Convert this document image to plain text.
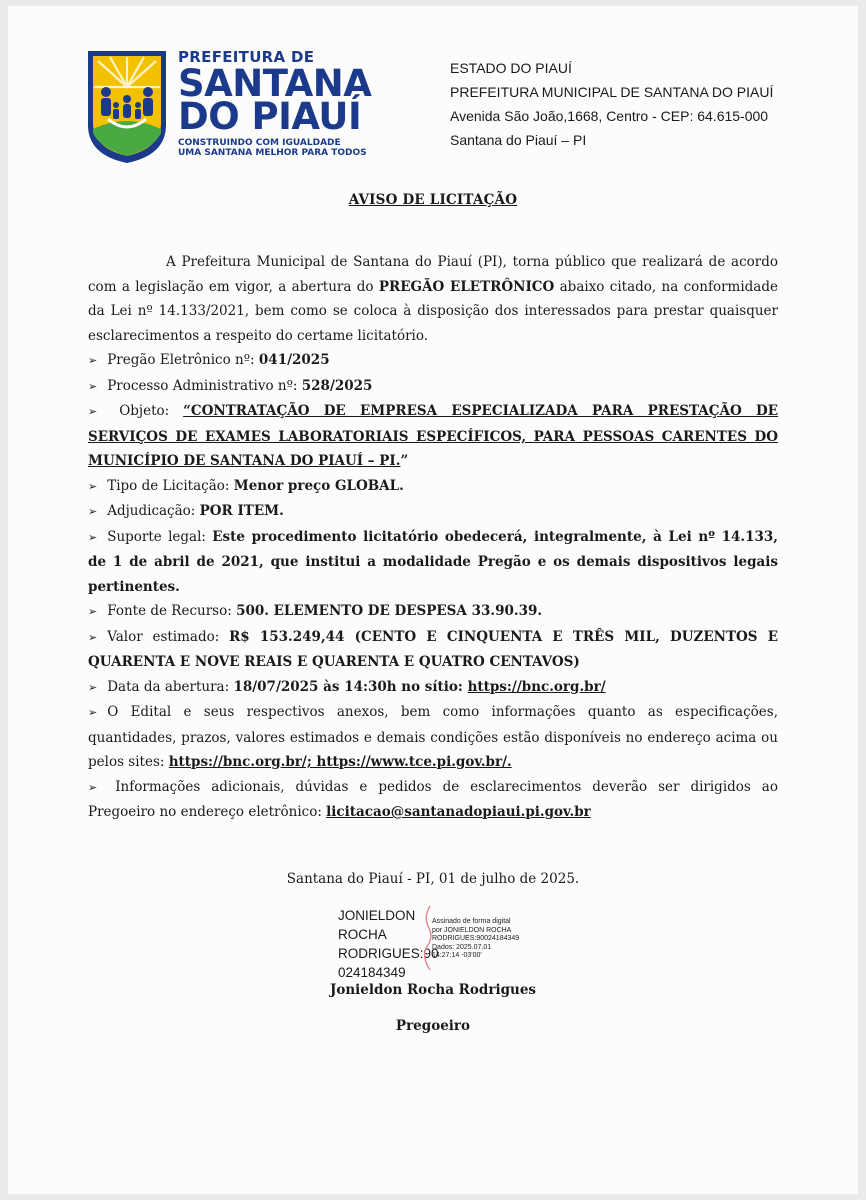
PREFEITURA DE
SANTANA
DO PIAUÍ
CONSTRUINDO COM IGUALDADE
UMA SANTANA MELHOR PARA TODOS
ESTADO DO PIAUÍ
PREFEITURA MUNICIPAL DE SANTANA DO PIAUÍ
Avenida São João,1668, Centro - CEP: 64.615-000
Santana do Piauí – PI
AVISO DE LICITAÇÃO

A Prefeitura Municipal de Santana do Piauí (PI), torna público que realizará de acordo com a legislação em vigor, a abertura do PREGÃO ELETRÔNICO abaixo citado, na conformidade da Lei nº 14.133/2021, bem como se coloca à disposição dos interessados para prestar quaisquer esclarecimentos a respeito do certame licitatório.

➢ Pregão Eletrônico nº: 041/2025

➢ Processo Administrativo nº: 528/2025

➢ Objeto: “CONTRATAÇÃO DE EMPRESA ESPECIALIZADA PARA PRESTAÇÃO DE SERVIÇOS DE EXAMES LABORATORIAIS ESPECÍFICOS, PARA PESSOAS CARENTES DO MUNICÍPIO DE SANTANA DO PIAUÍ – PI.”

➢ Tipo de Licitação: Menor preço GLOBAL.

➢ Adjudicação: POR ITEM.

➢ Suporte legal: Este procedimento licitatório obedecerá, integralmente, à Lei nº 14.133, de 1 de abril de 2021, que institui a modalidade Pregão e os demais dispositivos legais pertinentes.

➢ Fonte de Recurso: 500. ELEMENTO DE DESPESA 33.90.39.

➢ Valor estimado: R$ 153.249,44 (CENTO E CINQUENTA E TRÊS MIL, DUZENTOS E QUARENTA E NOVE REAIS E QUARENTA E QUATRO CENTAVOS)

➢ Data da abertura: 18/07/2025 às 14:30h no sítio: https://bnc.org.br/

➢ O Edital e seus respectivos anexos, bem como informações quanto as especificações, quantidades, prazos, valores estimados e demais condições estão disponíveis no endereço acima ou pelos sites: https://bnc.org.br/; https://www.tce.pi.gov.br/.

➢ Informações adicionais, dúvidas e pedidos de esclarecimentos deverão ser dirigidos ao Pregoeiro no endereço eletrônico: licitacao@santanadopiaui.pi.gov.br

Santana do Piauí - PI, 01 de julho de 2025.
JONIELDON
ROCHA
RODRIGUES:90
024184349
Assinado de forma digital
por JONIELDON ROCHA
RODRIGUES:90024184349
Dados: 2025.07.01
14:27:14 -03'00'
Jonieldon Rocha Rodrigues
Pregoeiro
